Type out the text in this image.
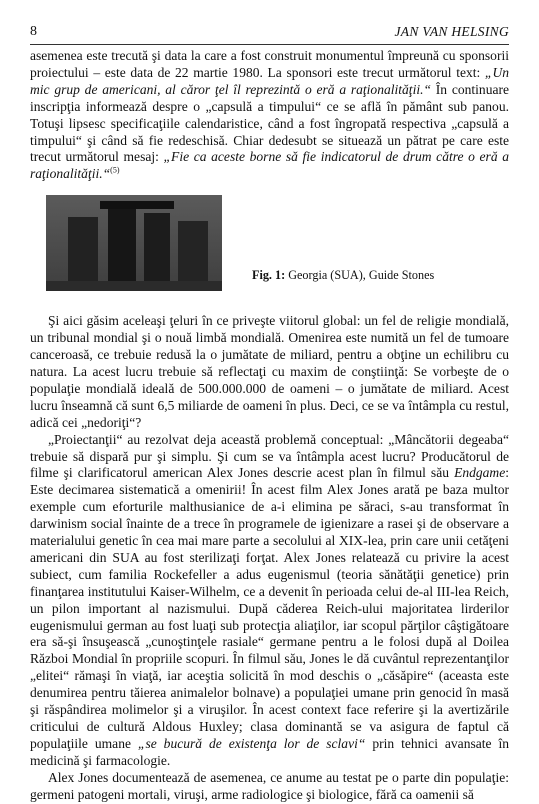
8	JAN VAN HELSING

asemenea este trecută şi data la care a fost construit monumentul împreună cu sponsorii proiectului – este data de 22 martie 1980. La sponsori este trecut următorul text: „Un mic grup de americani, al căror ţel îl reprezintă o eră a raţionalităţii.“ În continuare inscripţia informează despre o „capsulă a timpului“ ce se află în pământ sub panou. Totuşi lipsesc specificaţiile calendaristice, când a fost îngropată respectiva „capsulă a timpului“ şi când să fie redeschisă. Chiar dedesubt se situează un pătrat pe care este trecut următorul mesaj: „Fie ca aceste borne să fie indicatorul de drum către o eră a raţionalităţii.“$^{(5)}$

Fig. 1: Georgia (SUA), Guide Stones

Şi aici găsim aceleaşi ţeluri în ce priveşte viitorul global: un fel de religie mondială, un tribunal mondial şi o nouă limbă mondială. Omenirea este numită un fel de tumoare canceroasă, ce trebuie redusă la o jumătate de miliard, pentru a obţine un echilibru cu natura. La acest lucru trebuie să reflectaţi cu maxim de conştiinţă: Se vorbeşte de o populaţie mondială ideală de 500.000.000 de oameni – o jumătate de miliard. Acest lucru înseamnă că sunt 6,5 miliarde de oameni în plus. Deci, ce se va întâmpla cu restul, adică cei „nedoriţi“?

„Proiectanţii“ au rezolvat deja această problemă conceptual: „Mâncătorii degeaba“ trebuie să dispară pur şi simplu. Şi cum se va întâmpla acest lucru? Producătorul de filme şi clarificatorul american Alex Jones descrie acest plan în filmul său Endgame: Este decimarea sistematică a omenirii! În acest film Alex Jones arată pe baza multor exemple cum eforturile malthusianice de a-i elimina pe săraci, s-au transformat în darwinism social înainte de a trece în programele de igienizare a rasei şi de observare a materialului genetic în cea mai mare parte a secolului al XIX-lea, prin care unii cetăţeni americani din SUA au fost sterilizaţi forţat. Alex Jones relatează cu privire la acest subiect, cum familia Rockefeller a adus eugenismul (teoria sănătăţii genetice) prin finanţarea institutului Kaiser-Wilhelm, ce a devenit în perioada celui de-al III-lea Reich, un pilon important al nazismului. După căderea Reich-ului majoritatea lirderilor eugenismului german au fost luaţi sub protecţia aliaţilor, iar scopul părţilor câştigătoare era să-şi însuşească „cunoştinţele rasiale“ germane pentru a le folosi după al Doilea Război Mondial în propriile scopuri. În filmul său, Jones le dă cuvântul reprezentanţilor „elitei“ rămaşi în viaţă, iar aceştia solicită în mod deschis o „căsăpire“ (aceasta este denumirea pentru tăierea animalelor bolnave) a populaţiei umane prin genocid în masă şi răspândirea molimelor şi a viruşilor. În acest context face referire şi la avertizările criticului de cultură Aldous Huxley; clasa dominantă se va asigura de faptul că populaţiile umane „se bucură de existenţa lor de sclavi“ prin tehnici avansate în medicină şi farmacologie.

Alex Jones documentează de asemenea, ce anume au testat pe o parte din populaţie: germeni patogeni mortali, viruşi, arme radiologice şi biologice, fără ca oamenii să
